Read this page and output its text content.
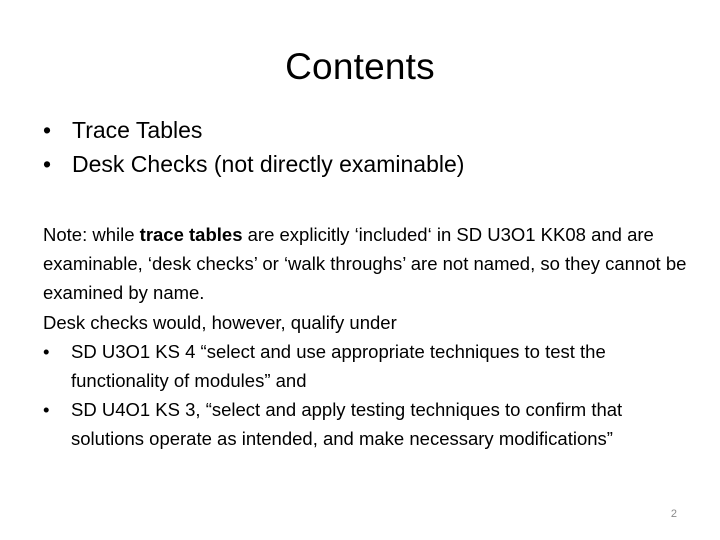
Contents
• Trace Tables
• Desk Checks (not directly examinable)

Note: while trace tables are explicitly ‘included‘ in SD U3O1 KK08 and are examinable, ‘desk checks’ or ‘walk throughs’ are not named, so they cannot be examined by name.

Desk checks would, however, qualify under

• SD U3O1 KS 4 “select and use appropriate techniques to test the functionality of modules” and
• SD U4O1 KS 3, “select and apply testing techniques to confirm that solutions operate as intended, and make necessary modifications”
2
